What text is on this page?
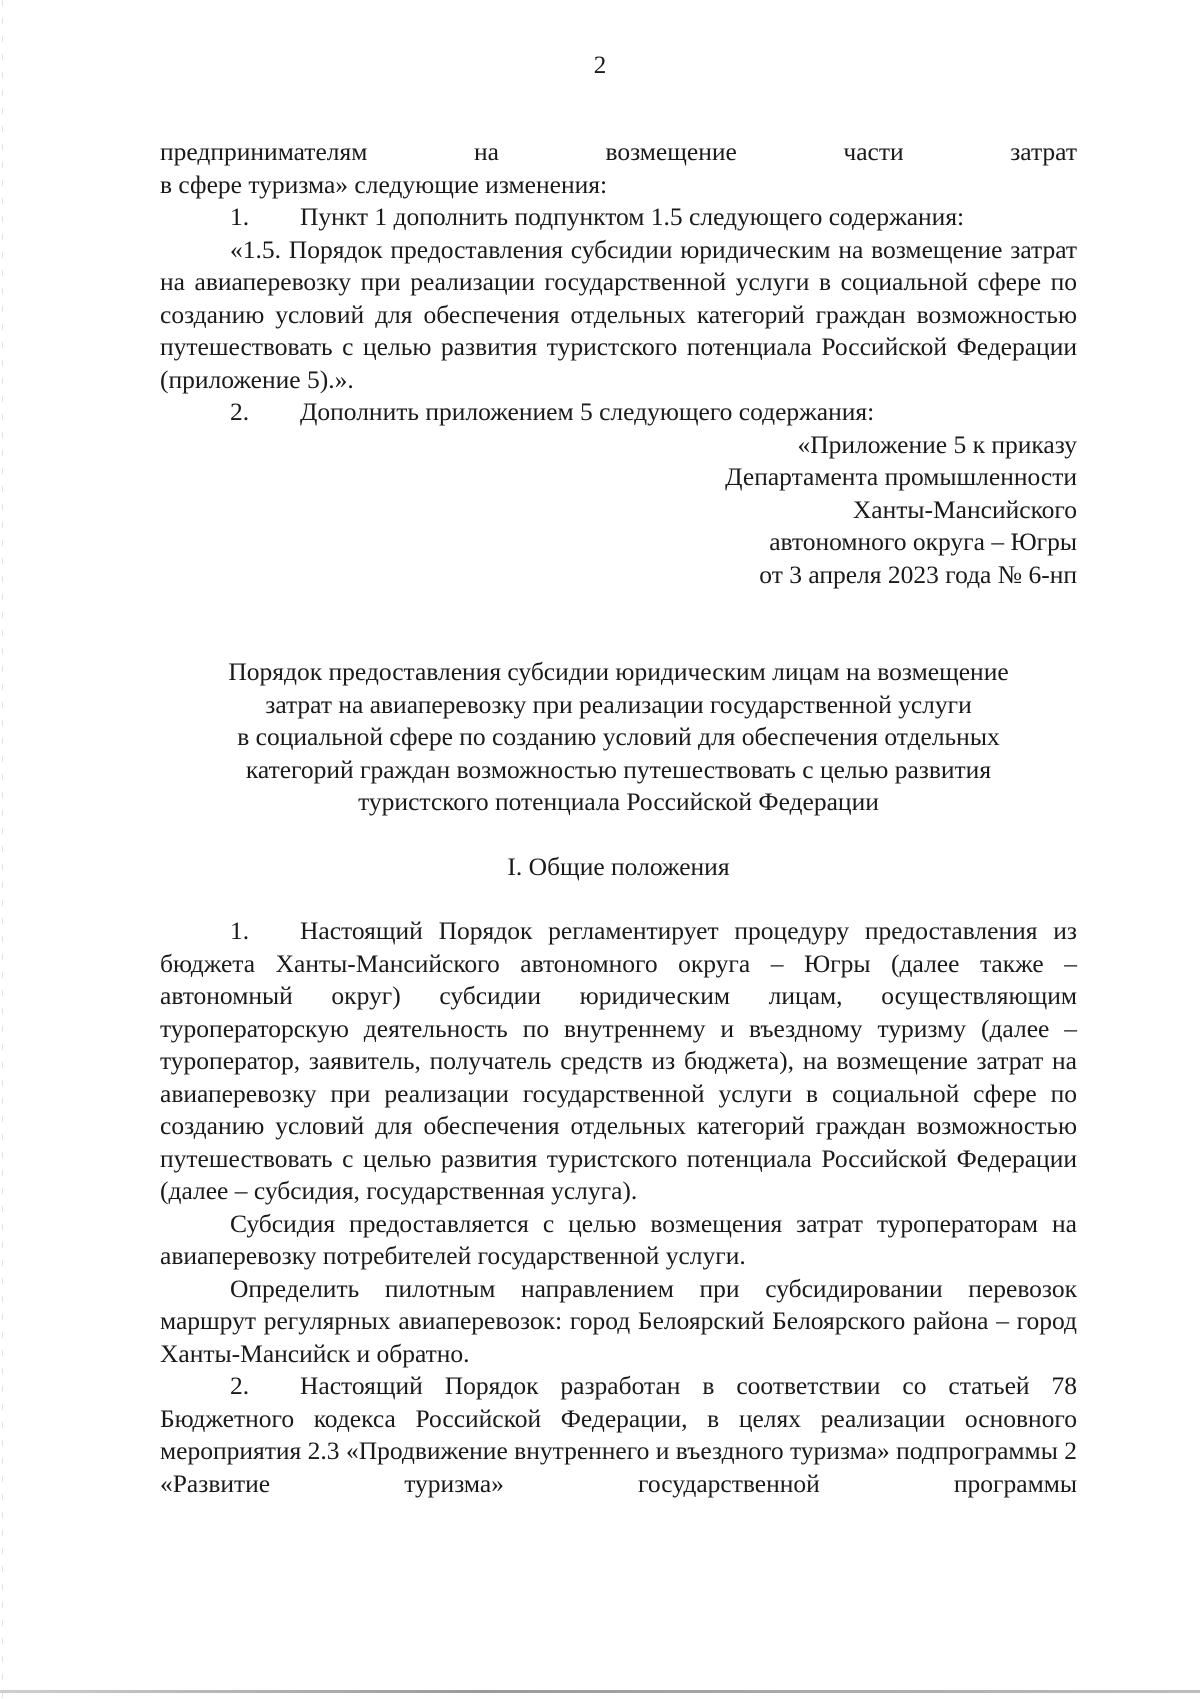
2

предпринимателям	на	возмещение	части	затрат

в сфере туризма» следующие изменения:

1. Пункт 1 дополнить подпунктом 1.5 следующего содержания:

«1.5. Порядок предоставления субсидии юридическим на возмещение затрат на авиаперевозку при реализации государственной услуги в социальной сфере по созданию условий для обеспечения отдельных категорий граждан возможностью путешествовать с целью развития туристского потенциала Российской Федерации (приложение 5).».

2. Дополнить приложением 5 следующего содержания:

«Приложение 5 к приказу
Департамента промышленности
Ханты-Мансийского
автономного округа – Югры
от 3 апреля 2023 года № 6-нп
Порядок предоставления субсидии юридическим лицам на возмещение
затрат на авиаперевозку при реализации государственной услуги
в социальной сфере по созданию условий для обеспечения отдельных
категорий граждан возможностью путешествовать с целью развития
туристского потенциала Российской Федерации

I. Общие положения

1. Настоящий Порядок регламентирует процедуру предоставления из бюджета Ханты-Мансийского автономного округа – Югры (далее также – автономный округ) субсидии юридическим лицам, осуществляющим туроператорскую деятельность по внутреннему и въездному туризму (далее – туроператор, заявитель, получатель средств из бюджета), на возмещение затрат на авиаперевозку при реализации государственной услуги в социальной сфере по созданию условий для обеспечения отдельных категорий граждан возможностью путешествовать с целью развития туристского потенциала Российской Федерации (далее – субсидия, государственная услуга).

Субсидия предоставляется с целью возмещения затрат туроператорам на авиаперевозку потребителей государственной услуги.

Определить пилотным направлением при субсидировании перевозок маршрут регулярных авиаперевозок: город Белоярский Белоярского района – город Ханты-Мансийск и обратно.

2. Настоящий Порядок разработан в соответствии со статьей 78 Бюджетного кодекса Российской Федерации, в целях реализации основного мероприятия 2.3 «Продвижение внутреннего и въездного туризма» подпрограммы 2 «Развитие туризма» государственной программы
